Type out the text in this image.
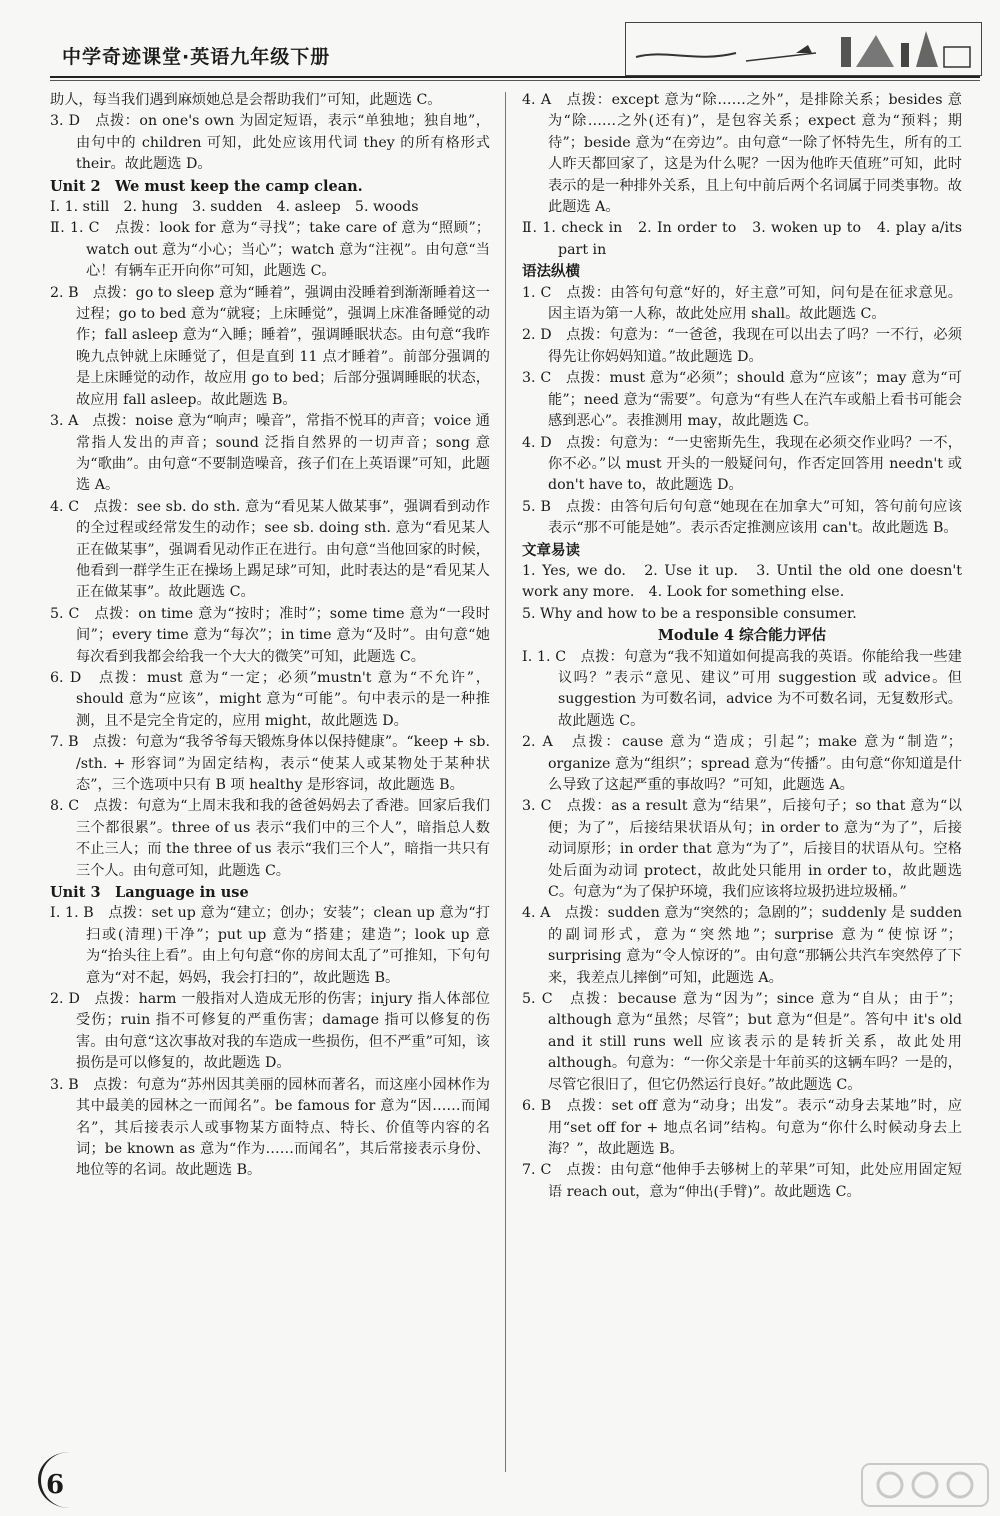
中学奇迹课堂·英语九年级下册

助人，每当我们遇到麻烦她总是会帮助我们”可知，此题选 C。

3. D　点拨：on one's own 为固定短语，表示“单独地；独自地”，由句中的 children 可知，此处应该用代词 they 的所有格形式 their。故此题选 D。

Unit 2　We must keep the camp clean.

Ⅰ. 1. still　2. hung　3. sudden　4. asleep　5. woods

Ⅱ. 1. C　点拨：look for 意为“寻找”；take care of 意为“照顾”；watch out 意为“小心；当心”；watch 意为“注视”。由句意“当心！有辆车正开向你”可知，此题选 C。

2. B　点拨：go to sleep 意为“睡着”，强调由没睡着到渐渐睡着这一过程；go to bed 意为“就寝；上床睡觉”，强调上床准备睡觉的动作；fall asleep 意为“入睡；睡着”，强调睡眠状态。由句意“我昨晚九点钟就上床睡觉了，但是直到 11 点才睡着”。前部分强调的是上床睡觉的动作，故应用 go to bed；后部分强调睡眠的状态，故应用 fall asleep。故此题选 B。

3. A　点拨：noise 意为“响声；噪音”，常指不悦耳的声音；voice 通常指人发出的声音；sound 泛指自然界的一切声音；song 意为“歌曲”。由句意“不要制造噪音，孩子们在上英语课”可知，此题选 A。

4. C　点拨：see sb. do sth. 意为“看见某人做某事”，强调看到动作的全过程或经常发生的动作；see sb. doing sth. 意为“看见某人正在做某事”，强调看见动作正在进行。由句意“当他回家的时候，他看到一群学生正在操场上踢足球”可知，此时表达的是“看见某人正在做某事”。故此题选 C。

5. C　点拨：on time 意为“按时；准时”；some time 意为“一段时间”；every time 意为“每次”；in time 意为“及时”。由句意“她每次看到我都会给我一个大大的微笑”可知，此题选 C。

6. D　点拨：must 意为“一定；必须”mustn't 意为“不允许”，should 意为“应该”，might 意为“可能”。句中表示的是一种推测，且不是完全肯定的，应用 might，故此题选 D。

7. B　点拨：句意为“我爷爷每天锻炼身体以保持健康”。“keep + sb. /sth. + 形容词”为固定结构，表示“使某人或某物处于某种状态”，三个选项中只有 B 项 healthy 是形容词，故此题选 B。

8. C　点拨：句意为“上周末我和我的爸爸妈妈去了香港。回家后我们三个都很累”。three of us 表示“我们中的三个人”，暗指总人数不止三人；而 the three of us 表示“我们三个人”，暗指一共只有三个人。由句意可知，此题选 C。

Unit 3　Language in use

Ⅰ. 1. B　点拨：set up 意为“建立；创办；安装”；clean up 意为“打扫或(清理)干净”；put up 意为“搭建；建造”；look up 意为“抬头往上看”。由上句句意“你的房间太乱了”可推知，下句句意为“对不起，妈妈，我会打扫的”，故此题选 B。

2. D　点拨：harm 一般指对人造成无形的伤害；injury 指人体部位受伤；ruin 指不可修复的严重伤害；damage 指可以修复的伤害。由句意“这次事故对我的车造成一些损伤，但不严重”可知，该损伤是可以修复的，故此题选 D。

3. B　点拨：句意为“苏州因其美丽的园林而著名，而这座小园林作为其中最美的园林之一而闻名”。be famous for 意为“因……而闻名”，其后接表示人或事物某方面特点、特长、价值等内容的名词；be known as 意为“作为……而闻名”，其后常接表示身份、地位等的名词。故此题选 B。

4. A　点拨：except 意为“除……之外”，是排除关系；besides 意为“除……之外(还有)”，是包容关系；expect 意为“预料；期待”；beside 意为“在旁边”。由句意“一除了怀特先生，所有的工人昨天都回家了，这是为什么呢？一因为他昨天值班”可知，此时表示的是一种排外关系，且上句中前后两个名词属于同类事物。故此题选 A。

Ⅱ. 1. check in　2. In order to　3. woken up to　4. play a/its part in

语法纵横

1. C　点拨：由答句句意“好的，好主意”可知，问句是在征求意见。因主语为第一人称，故此处应用 shall。故此题选 C。

2. D　点拨：句意为：“一爸爸，我现在可以出去了吗？一不行，必须得先让你妈妈知道。”故此题选 D。

3. C　点拨：must 意为“必须”；should 意为“应该”；may 意为“可能”；need 意为“需要”。句意为“有些人在汽车或船上看书可能会感到恶心”。表推测用 may，故此题选 C。

4. D　点拨：句意为：“一史密斯先生，我现在必须交作业吗？一不，你不必。”以 must 开头的一般疑问句，作否定回答用 needn't 或 don't have to，故此题选 D。

5. B　点拨：由答句后句句意“她现在在加拿大”可知，答句前句应该表示“那不可能是她”。表示否定推测应该用 can't。故此题选 B。

文章易读

1. Yes, we do.　2. Use it up.　3. Until the old one doesn't work any more.　4. Look for something else.

5. Why and how to be a responsible consumer.

Module 4 综合能力评估

Ⅰ. 1. C　点拨：句意为“我不知道如何提高我的英语。你能给我一些建议吗？”表示“意见、建议”可用 suggestion 或 advice。但 suggestion 为可数名词，advice 为不可数名词，无复数形式。故此题选 C。

2. A　点拨：cause 意为“造成；引起”；make 意为“制造”；organize 意为“组织”；spread 意为“传播”。由句意“你知道是什么导致了这起严重的事故吗？”可知，此题选 A。

3. C　点拨：as a result 意为“结果”，后接句子；so that 意为“以便；为了”，后接结果状语从句；in order to 意为“为了”，后接动词原形；in order that 意为“为了”，后接目的状语从句。空格处后面为动词 protect，故此处只能用 in order to，故此题选 C。句意为“为了保护环境，我们应该将垃圾扔进垃圾桶。”

4. A　点拨：sudden 意为“突然的；急剧的”；suddenly 是 sudden 的副词形式，意为“突然地”；surprise 意为“使惊讶”；surprising 意为“令人惊讶的”。由句意“那辆公共汽车突然停了下来，我差点儿摔倒”可知，此题选 A。

5. C　点拨：because 意为“因为”；since 意为“自从；由于”；although 意为“虽然；尽管”；but 意为“但是”。答句中 it's old and it still runs well 应该表示的是转折关系，故此处用 although。句意为：“一你父亲是十年前买的这辆车吗？一是的，尽管它很旧了，但它仍然运行良好。”故此题选 C。

6. B　点拨：set off 意为“动身；出发”。表示“动身去某地”时，应用“set off for + 地点名词”结构。句意为“你什么时候动身去上海？”，故此题选 B。

7. C　点拨：由句意“他伸手去够树上的苹果”可知，此处应用固定短语 reach out，意为“伸出(手臂)”。故此题选 C。

6
